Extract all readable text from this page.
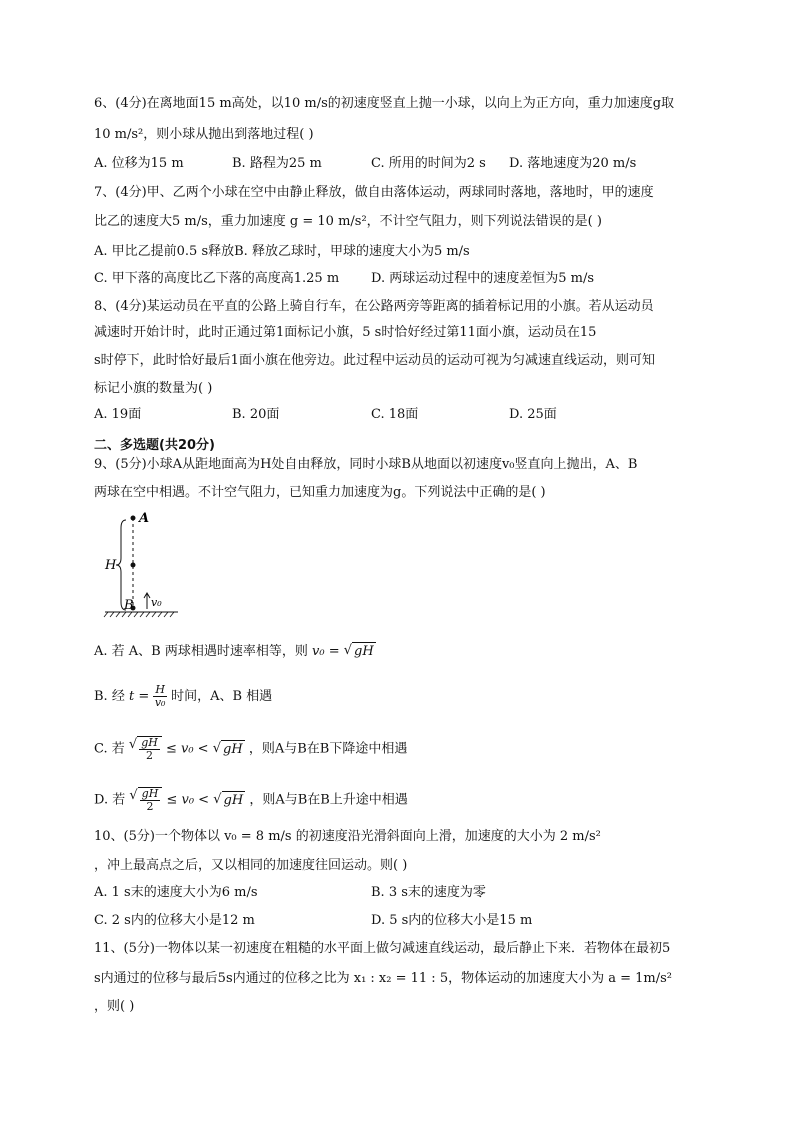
6、(4分)在离地面15 m高处，以10 m/s的初速度竖直上抛一小球，以向上为正方向，重力加速度g取
10 m/s²，则小球从抛出到落地过程( )
A. 位移为15 m	B. 路程为25 m	C. 所用的时间为2 s D. 落地速度为20 m/s
7、(4分)甲、乙两个小球在空中由静止释放，做自由落体运动，两球同时落地，落地时，甲的速度
比乙的速度大5 m/s，重力加速度 g = 10 m/s²，不计空气阻力，则下列说法错误的是( )
A. 甲比乙提前0.5 s释放B. 释放乙球时，甲球的速度大小为5 m/s
C. 甲下落的高度比乙下落的高度高1.25 m D. 两球运动过程中的速度差恒为5 m/s
8、(4分)某运动员在平直的公路上骑自行车，在公路两旁等距离的插着标记用的小旗。若从运动员
减速时开始计时，此时正通过第1面标记小旗，5 s时恰好经过第11面小旗，运动员在15
s时停下，此时恰好最后1面小旗在他旁边。此过程中运动员的运动可视为匀减速直线运动，则可知
标记小旗的数量为( )
A. 19面	B. 20面	C. 18面	D. 25面
二、多选题(共20分)
9、(5分)小球A从距地面高为H处自由释放，同时小球B从地面以初速度v₀竖直向上抛出，A、B
两球在空中相遇。不计空气阻力，已知重力加速度为g。下列说法中正确的是( )
A
H
B v₀
A. 若 A、B 两球相遇时速率相等，则 v₀ = √ gH
B. 经 $t = \frac{H}{\text{v₀}}$ 时间，A、B 相遇
C. 若 √ $\frac{gH}{2} \le v_0$ < √ gH ，则A与B在B下降途中相遇
D. 若 √ $\frac{gH}{2} \le v_0$ < √ gH ，则A与B在B上升途中相遇
10、(5分)一个物体以 v₀ = 8 m/s 的初速度沿光滑斜面向上滑，加速度的大小为 2 m/s²
，冲上最高点之后，又以相同的加速度往回运动。则( )
A. 1 s末的速度大小为6 m/s	B. 3 s末的速度为零
C. 2 s内的位移大小是12 m	D. 5 s内的位移大小是15 m
11、(5分)一物体以某一初速度在粗糙的水平面上做匀减速直线运动，最后静止下来．若物体在最初5
s内通过的位移与最后5s内通过的位移之比为 x₁ : x₂ = 11 : 5，物体运动的加速度大小为 a = 1m/s²
，则( )
